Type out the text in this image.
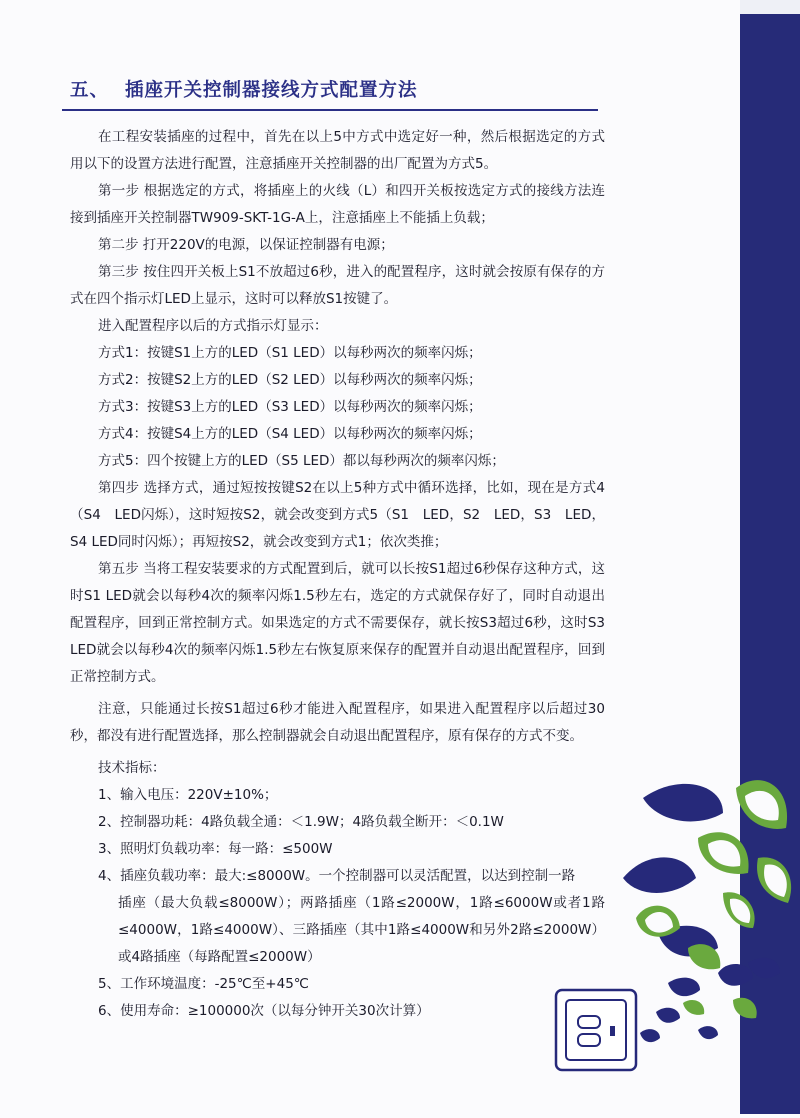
五、 插座开关控制器接线方式配置方法

在工程安装插座的过程中，首先在以上5中方式中选定好一种，然后根据选定的方式用以下的设置方法进行配置，注意插座开关控制器的出厂配置为方式5。

第一步 根据选定的方式，将插座上的火线（L）和四开关板按选定方式的接线方法连接到插座开关控制器TW909-SKT-1G-A上，注意插座上不能插上负载；

第二步 打开220V的电源，以保证控制器有电源；

第三步 按住四开关板上S1不放超过6秒，进入的配置程序，这时就会按原有保存的方式在四个指示灯LED上显示，这时可以释放S1按键了。

进入配置程序以后的方式指示灯显示：

方式1：按键S1上方的LED（S1 LED）以每秒两次的频率闪烁；

方式2：按键S2上方的LED（S2 LED）以每秒两次的频率闪烁；

方式3：按键S3上方的LED（S3 LED）以每秒两次的频率闪烁；

方式4：按键S4上方的LED（S4 LED）以每秒两次的频率闪烁；

方式5：四个按键上方的LED（S5 LED）都以每秒两次的频率闪烁；

第四步 选择方式，通过短按按键S2在以上5种方式中循环选择，比如，现在是方式4（S4　LED闪烁），这时短按S2，就会改变到方式5（S1　LED，S2　LED，S3　LED，S4 LED同时闪烁）；再短按S2，就会改变到方式1；依次类推；

第五步 当将工程安装要求的方式配置到后，就可以长按S1超过6秒保存这种方式，这时S1 LED就会以每秒4次的频率闪烁1.5秒左右，选定的方式就保存好了，同时自动退出配置程序，回到正常控制方式。如果选定的方式不需要保存，就长按S3超过6秒，这时S3　LED就会以每秒4次的频率闪烁1.5秒左右恢复原来保存的配置并自动退出配置程序，回到正常控制方式。

注意，只能通过长按S1超过6秒才能进入配置程序，如果进入配置程序以后超过30秒，都没有进行配置选择，那么控制器就会自动退出配置程序，原有保存的方式不变。

技术指标：

1、输入电压：220V±10%；

2、控制器功耗：4路负载全通：＜1.9W；4路负载全断开：＜0.1W

3、照明灯负载功率：每一路：≤500W

4、插座负载功率：最大:≤8000W。一个控制器可以灵活配置，以达到控制一路

插座（最大负载≤8000W）；两路插座（1路≤2000W，1路≤6000W或者1路≤4000W，1路≤4000W）、三路插座（其中1路≤4000W和另外2路≤2000W）或4路插座（每路配置≤2000W）

5、工作环境温度：-25℃至+45℃

6、使用寿命：≥100000次（以每分钟开关30次计算）
